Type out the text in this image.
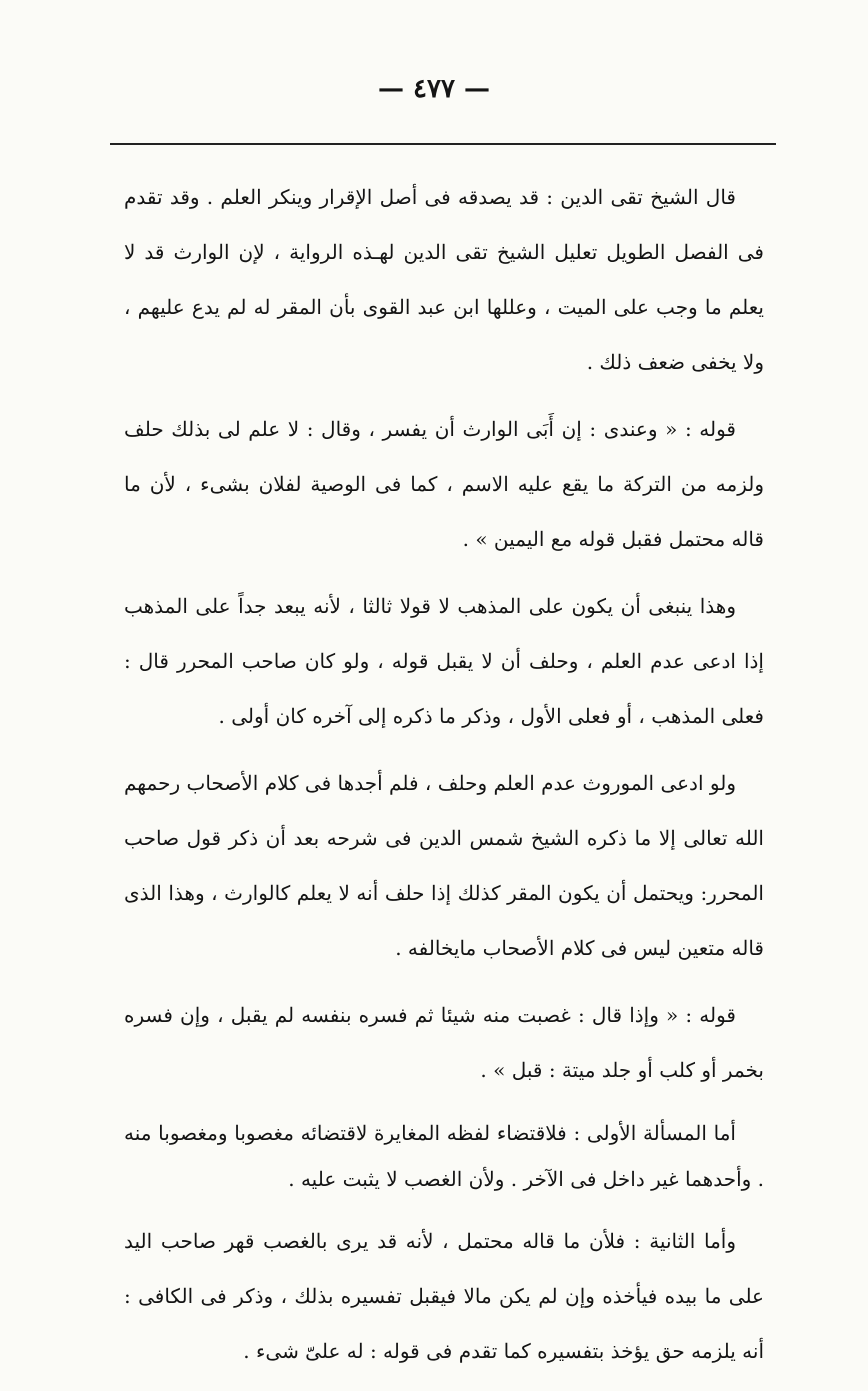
— ٤٧٧ —

قال الشيخ تقى الدين : قد يصدقه فى أصل الإقرار وينكر العلم . وقد تقدم فى الفصل الطويل تعليل الشيخ تقى الدين لهـذه الرواية ، لإن الوارث قد لا يعلم ما وجب على الميت ، وعللها ابن عبد القوى بأن المقر له لم يدع عليهم ، ولا يخفى ضعف ذلك .

قوله : « وعندى : إن أَبَى الوارث أن يفسر ، وقال : لا علم لى بذلك حلف ولزمه من التركة ما يقع عليه الاسم ، كما فى الوصية لفلان بشىء ، لأن ما قاله محتمل فقبل قوله مع اليمين » .

وهذا ينبغى أن يكون على المذهب لا قولا ثالثا ، لأنه يبعد جداً على المذهب إذا ادعى عدم العلم ، وحلف أن لا يقبل قوله ، ولو كان صاحب المحرر قال : فعلى المذهب ، أو فعلى الأول ، وذكر ما ذكره إلى آخره كان أولى .

ولو ادعى الموروث عدم العلم وحلف ، فلم أجدها فى كلام الأصحاب رحمهم الله تعالى إلا ما ذكره الشيخ شمس الدين فى شرحه بعد أن ذكر قول صاحب المحرر: ويحتمل أن يكون المقر كذلك إذا حلف أنه لا يعلم كالوارث ، وهذا الذى قاله متعين ليس فى كلام الأصحاب مايخالفه .

قوله : « وإذا قال : غصبت منه شيئا ثم فسره بنفسه لم يقبل ، وإن فسره بخمر أو كلب أو جلد ميتة : قبل » .

أما المسألة الأولى : فلاقتضاء لفظه المغايرة لاقتضائه مغصوبا ومغصوبا منه . وأحدهما غير داخل فى الآخر . ولأن الغصب لا يثبت عليه .

وأما الثانية : فلأن ما قاله محتمل ، لأنه قد يرى بالغصب قهر صاحب اليد على ما بيده فيأخذه وإن لم يكن مالا فيقبل تفسيره بذلك ، وذكر فى الكافى : أنه يلزمه حق يؤخذ بتفسيره كما تقدم فى قوله : له علىّ شىء .
